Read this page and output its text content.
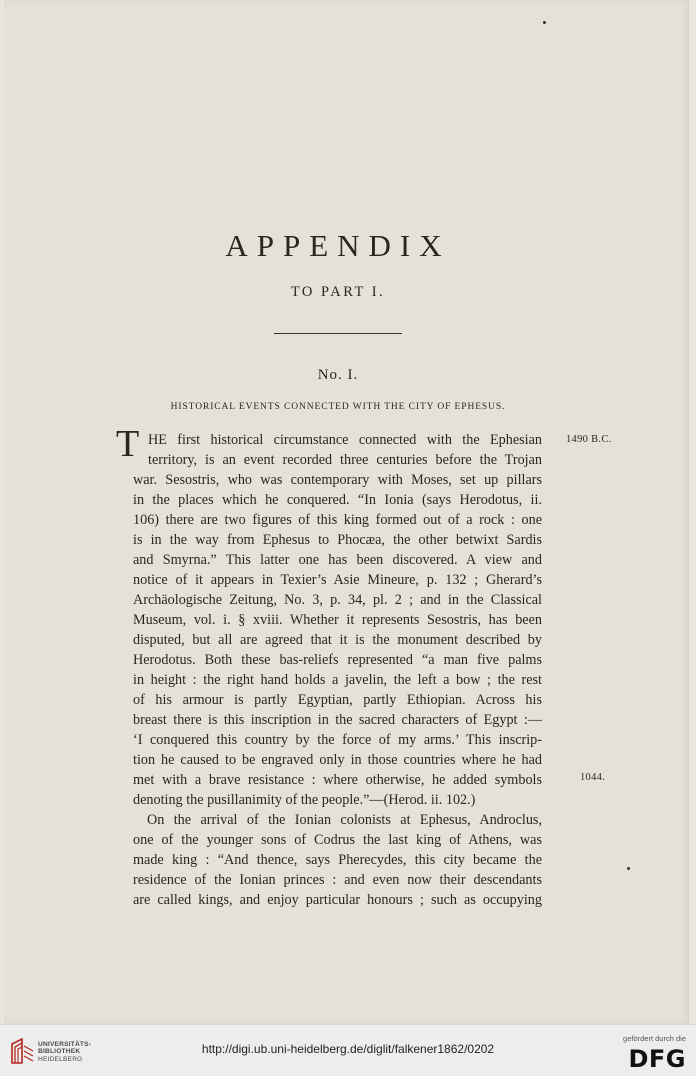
APPENDIX
TO PART I.
No. I.
HISTORICAL EVENTS CONNECTED WITH THE CITY OF EPHESUS.
T HE first historical circumstance connected with the Ephesian
territory, is an event recorded three centuries before the Trojan
war. Sesostris, who was contemporary with Moses, set up pillars
in the places which he conquered. “In Ionia (says Herodotus, ii.
106) there are two figures of this king formed out of a rock : one
is in the way from Ephesus to Phocæa, the other betwixt Sardis
and Smyrna.” This latter one has been discovered. A view and
notice of it appears in Texier’s Asie Mineure, p. 132 ; Gherard’s
Archäologische Zeitung, No. 3, p. 34, pl. 2 ; and in the Classical
Museum, vol. i. § xviii. Whether it represents Sesostris, has been
disputed, but all are agreed that it is the monument described by
Herodotus. Both these bas-reliefs represented “a man five palms
in height : the right hand holds a javelin, the left a bow ; the rest
of his armour is partly Egyptian, partly Ethiopian. Across his
breast there is this inscription in the sacred characters of Egypt :—
‘I conquered this country by the force of my arms.’ This inscrip-
tion he caused to be engraved only in those countries where he had
met with a brave resistance : where otherwise, he added symbols
denoting the pusillanimity of the people.”—(Herod. ii. 102.)
On the arrival of the Ionian colonists at Ephesus, Androclus,
one of the younger sons of Codrus the last king of Athens, was
made king : “And thence, says Pherecydes, this city became the
residence of the Ionian princes : and even now their descendants
are called kings, and enjoy particular honours ; such as occupying
1490 B.C.
1044.
UNIVERSITÄTS-
BIBLIOTHEK
HEIDELBERG
http://digi.ub.uni-heidelberg.de/diglit/falkener1862/0202
gefördert durch die
DFG
